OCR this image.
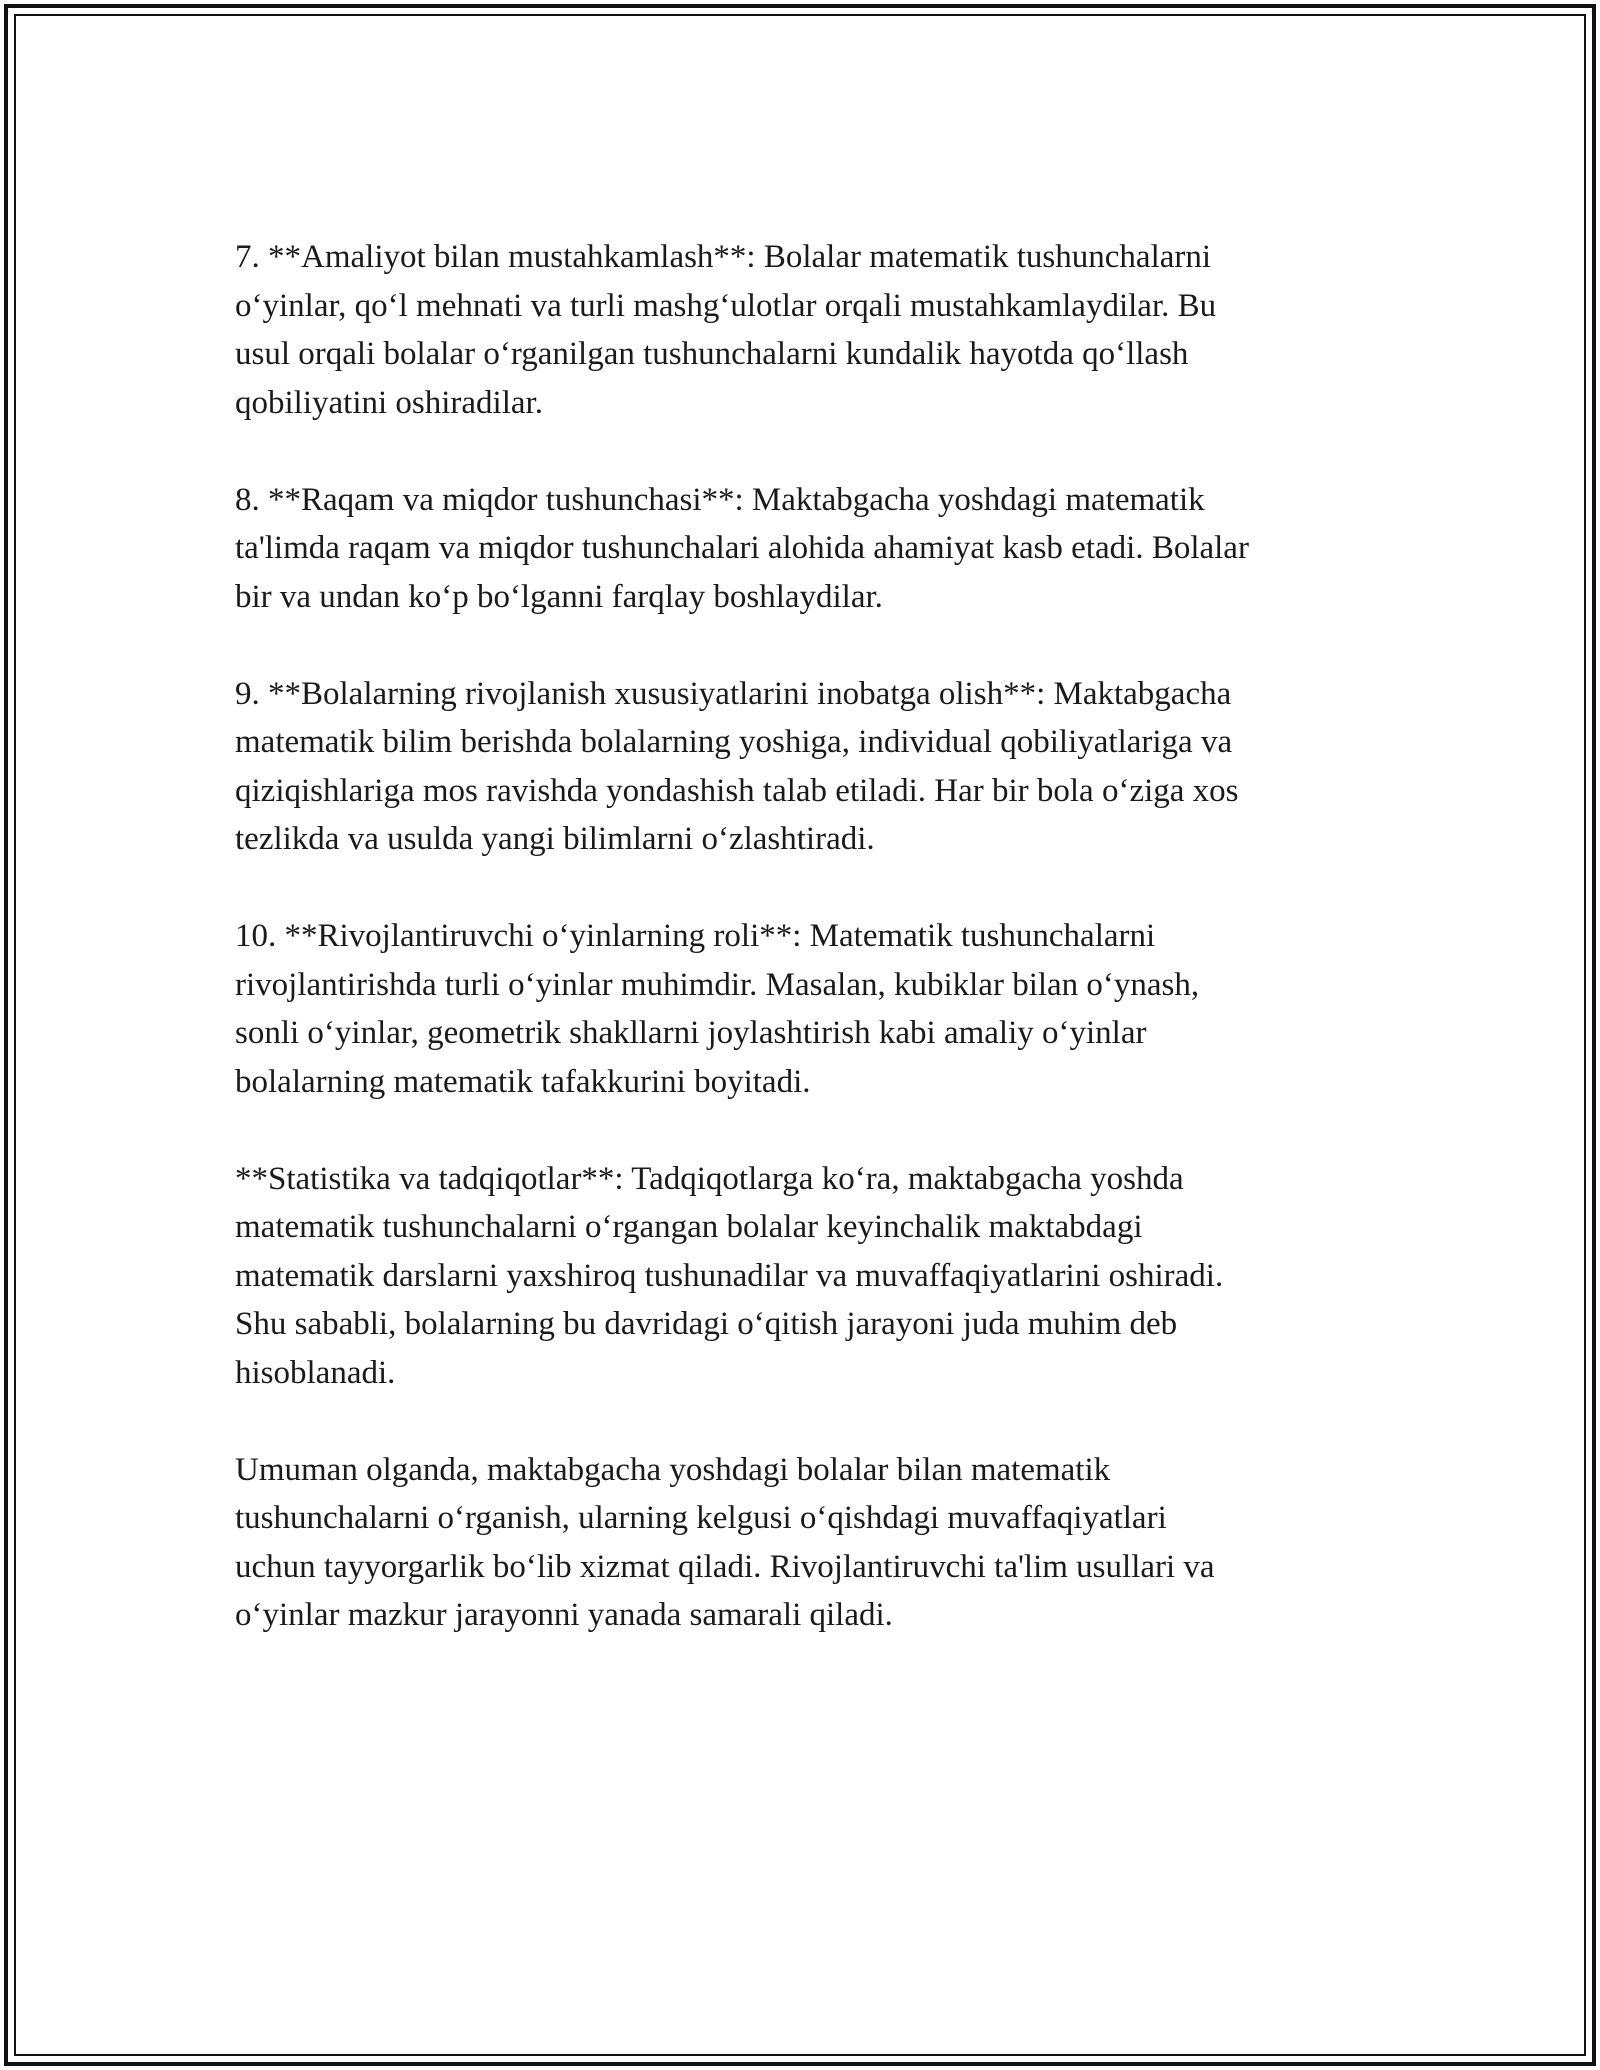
7. **Amaliyot bilan mustahkamlash**: Bolalar matematik tushunchalarni
o‘yinlar, qo‘l mehnati va turli mashg‘ulotlar orqali mustahkamlaydilar. Bu
usul orqali bolalar o‘rganilgan tushunchalarni kundalik hayotda qo‘llash
qobiliyatini oshiradilar.
8. **Raqam va miqdor tushunchasi**: Maktabgacha yoshdagi matematik
ta'limda raqam va miqdor tushunchalari alohida ahamiyat kasb etadi. Bolalar
bir va undan ko‘p bo‘lganni farqlay boshlaydilar.
9. **Bolalarning rivojlanish xususiyatlarini inobatga olish**: Maktabgacha
matematik bilim berishda bolalarning yoshiga, individual qobiliyatlariga va
qiziqishlariga mos ravishda yondashish talab etiladi. Har bir bola o‘ziga xos
tezlikda va usulda yangi bilimlarni o‘zlashtiradi.
10. **Rivojlantiruvchi o‘yinlarning roli**: Matematik tushunchalarni
rivojlantirishda turli o‘yinlar muhimdir. Masalan, kubiklar bilan o‘ynash,
sonli o‘yinlar, geometrik shakllarni joylashtirish kabi amaliy o‘yinlar
bolalarning matematik tafakkurini boyitadi.
**Statistika va tadqiqotlar**: Tadqiqotlarga ko‘ra, maktabgacha yoshda
matematik tushunchalarni o‘rgangan bolalar keyinchalik maktabdagi
matematik darslarni yaxshiroq tushunadilar va muvaffaqiyatlarini oshiradi.
Shu sababli, bolalarning bu davridagi o‘qitish jarayoni juda muhim deb
hisoblanadi.
Umuman olganda, maktabgacha yoshdagi bolalar bilan matematik
tushunchalarni o‘rganish, ularning kelgusi o‘qishdagi muvaffaqiyatlari
uchun tayyorgarlik bo‘lib xizmat qiladi. Rivojlantiruvchi ta'lim usullari va
o‘yinlar mazkur jarayonni yanada samarali qiladi.
